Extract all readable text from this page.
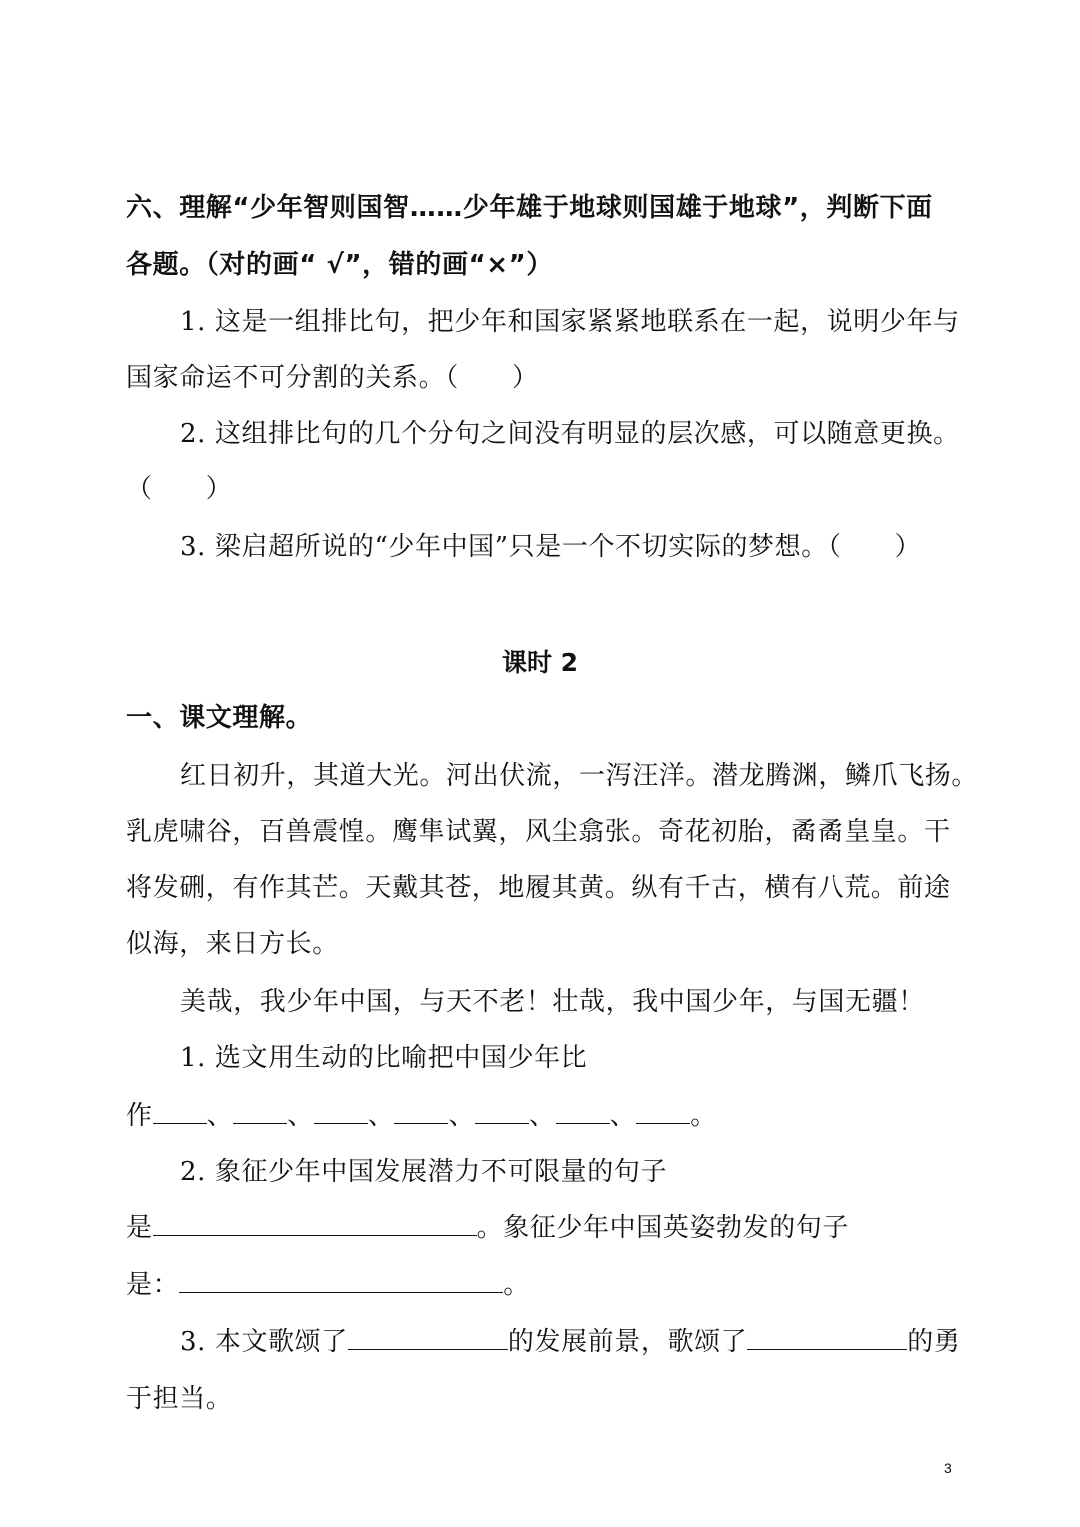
六、理解“少年智则国智……少年雄于地球则国雄于地球”，判断下面
各题。（对的画“ √”，错的画“×”）
1. 这是一组排比句，把少年和国家紧紧地联系在一起，说明少年与
国家命运不可分割的关系。（　　）
2. 这组排比句的几个分句之间没有明显的层次感，可以随意更换。
（　　）
3. 梁启超所说的“少年中国”只是一个不切实际的梦想。（　　）
课时 2
一、课文理解。
红日初升，其道大光。河出伏流，一泻汪洋。潜龙腾渊，鳞爪飞扬。
乳虎啸谷，百兽震惶。鹰隼试翼，风尘翕张。奇花初胎，矞矞皇皇。干
将发硎，有作其芒。天戴其苍，地履其黄。纵有千古，横有八荒。前途
似海，来日方长。
美哉，我少年中国，与天不老！壮哉，我中国少年，与国无疆！
1. 选文用生动的比喻把中国少年比
作 、 、 、 、 、 、 。
2. 象征少年中国发展潜力不可限量的句子
是	。象征少年中国英姿勃发的句子
是：	。
3. 本文歌颂了	的发展前景，歌颂了	的勇
于担当。
3
